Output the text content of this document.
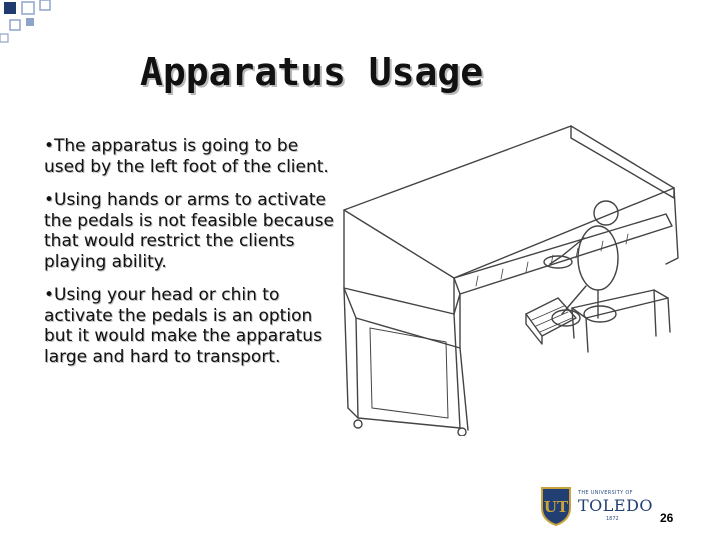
Apparatus Usage
•The apparatus is going to be used by the left foot of the client.
•Using hands or arms to activate the pedals is not feasible because that would restrict the clients playing ability.
•Using your head or chin to activate the pedals is an option but it would make the apparatus large and hard to transport.
UT
THE UNIVERSITY OF
TOLEDO
1872	26
